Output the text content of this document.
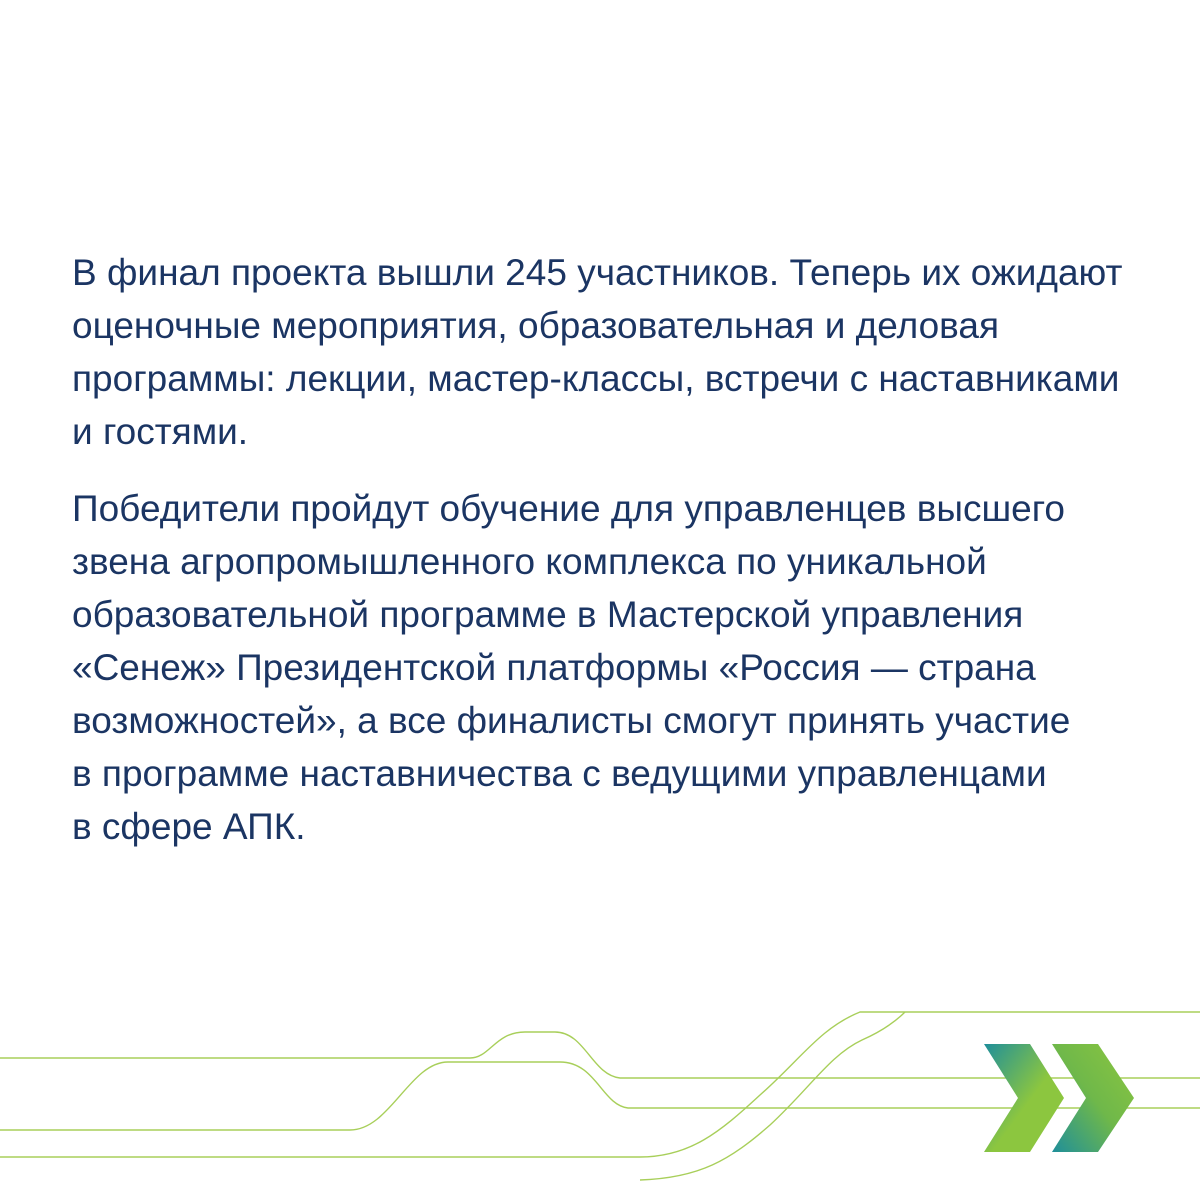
В финал проекта вышли 245 участников. Теперь их ожидают
оценочные мероприятия, образовательная и деловая
программы: лекции, мастер-классы, встречи с наставниками
и гостями.

Победители пройдут обучение для управленцев высшего
звена агропромышленного комплекса по уникальной
образовательной программе в Мастерской управления
«Сенеж» Президентской платформы «Россия — страна
возможностей», а все финалисты смогут принять участие
в программе наставничества с ведущими управленцами
в сфере АПК.
